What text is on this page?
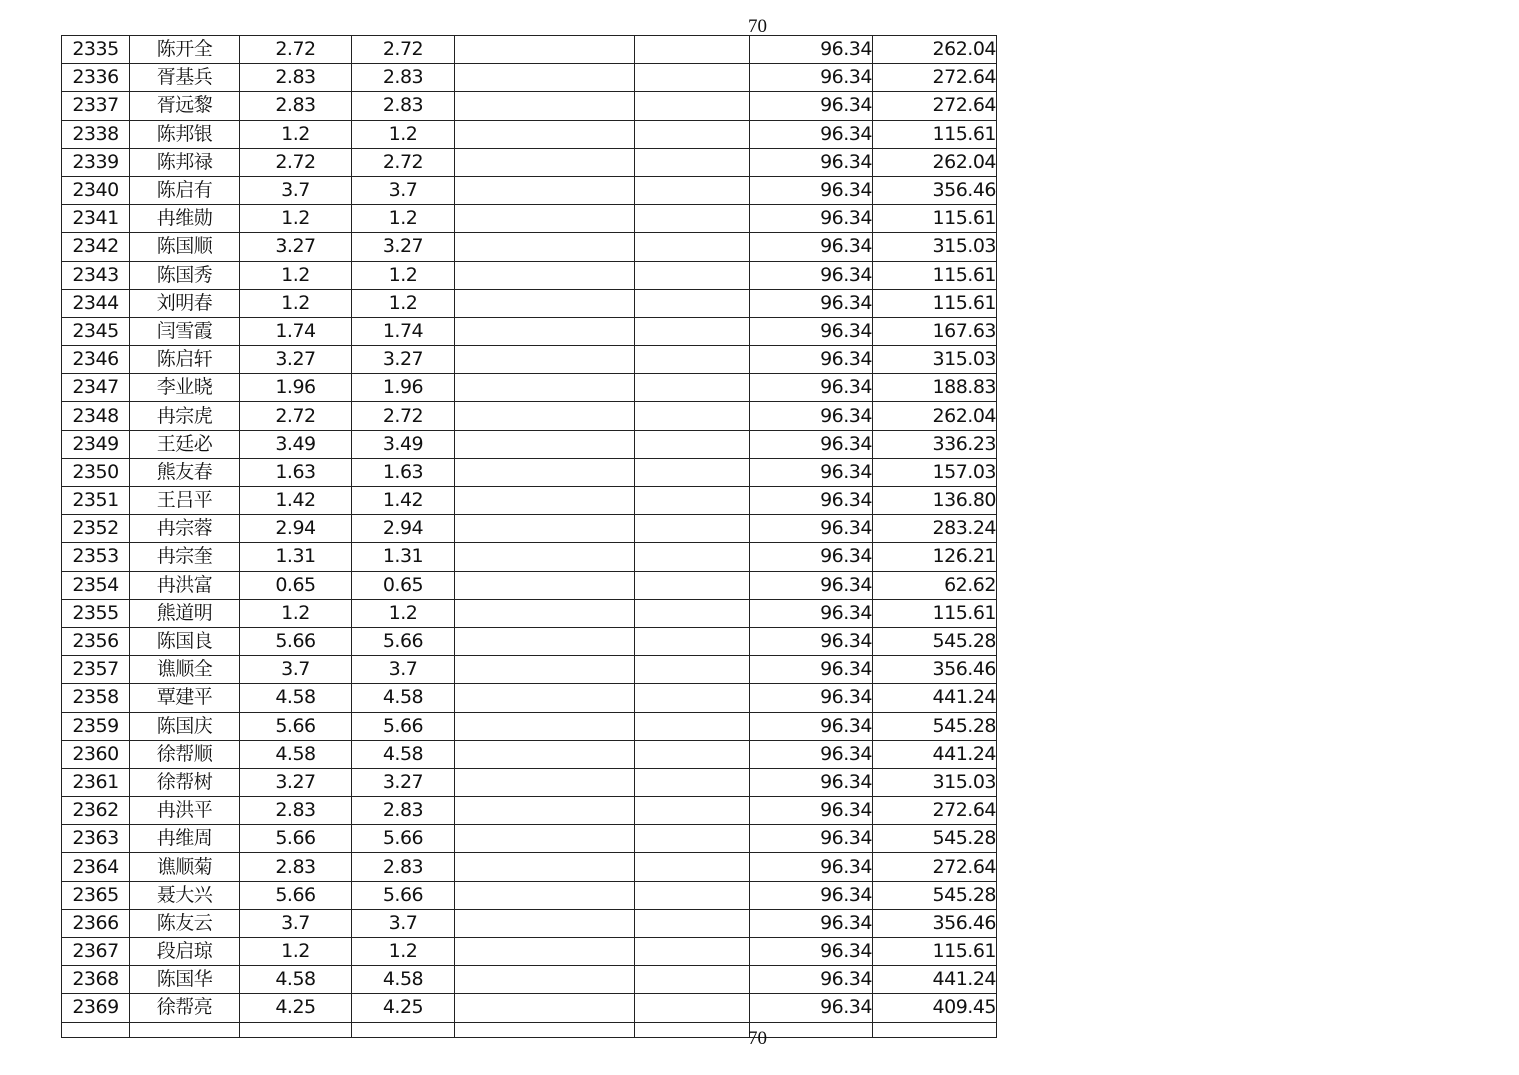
70
2335	陈开全	2.72	2.72			96.34	262.04
2336	胥基兵	2.83	2.83			96.34	272.64
2337	胥远黎	2.83	2.83			96.34	272.64
2338	陈邦银	1.2	1.2			96.34	115.61
2339	陈邦禄	2.72	2.72			96.34	262.04
2340	陈启有	3.7	3.7			96.34	356.46
2341	冉维勋	1.2	1.2			96.34	115.61
2342	陈国顺	3.27	3.27			96.34	315.03
2343	陈国秀	1.2	1.2			96.34	115.61
2344	刘明春	1.2	1.2			96.34	115.61
2345	闫雪霞	1.74	1.74			96.34	167.63
2346	陈启轩	3.27	3.27			96.34	315.03
2347	李业晓	1.96	1.96			96.34	188.83
2348	冉宗虎	2.72	2.72			96.34	262.04
2349	王廷必	3.49	3.49			96.34	336.23
2350	熊友春	1.63	1.63			96.34	157.03
2351	王吕平	1.42	1.42			96.34	136.80
2352	冉宗蓉	2.94	2.94			96.34	283.24
2353	冉宗奎	1.31	1.31			96.34	126.21
2354	冉洪富	0.65	0.65			96.34	62.62
2355	熊道明	1.2	1.2			96.34	115.61
2356	陈国良	5.66	5.66			96.34	545.28
2357	谯顺全	3.7	3.7			96.34	356.46
2358	覃建平	4.58	4.58			96.34	441.24
2359	陈国庆	5.66	5.66			96.34	545.28
2360	徐帮顺	4.58	4.58			96.34	441.24
2361	徐帮树	3.27	3.27			96.34	315.03
2362	冉洪平	2.83	2.83			96.34	272.64
2363	冉维周	5.66	5.66			96.34	545.28
2364	谯顺菊	2.83	2.83			96.34	272.64
2365	聂大兴	5.66	5.66			96.34	545.28
2366	陈友云	3.7	3.7			96.34	356.46
2367	段启琼	1.2	1.2			96.34	115.61
2368	陈国华	4.58	4.58			96.34	441.24
2369	徐帮亮	4.25	4.25			96.34	409.45

70
